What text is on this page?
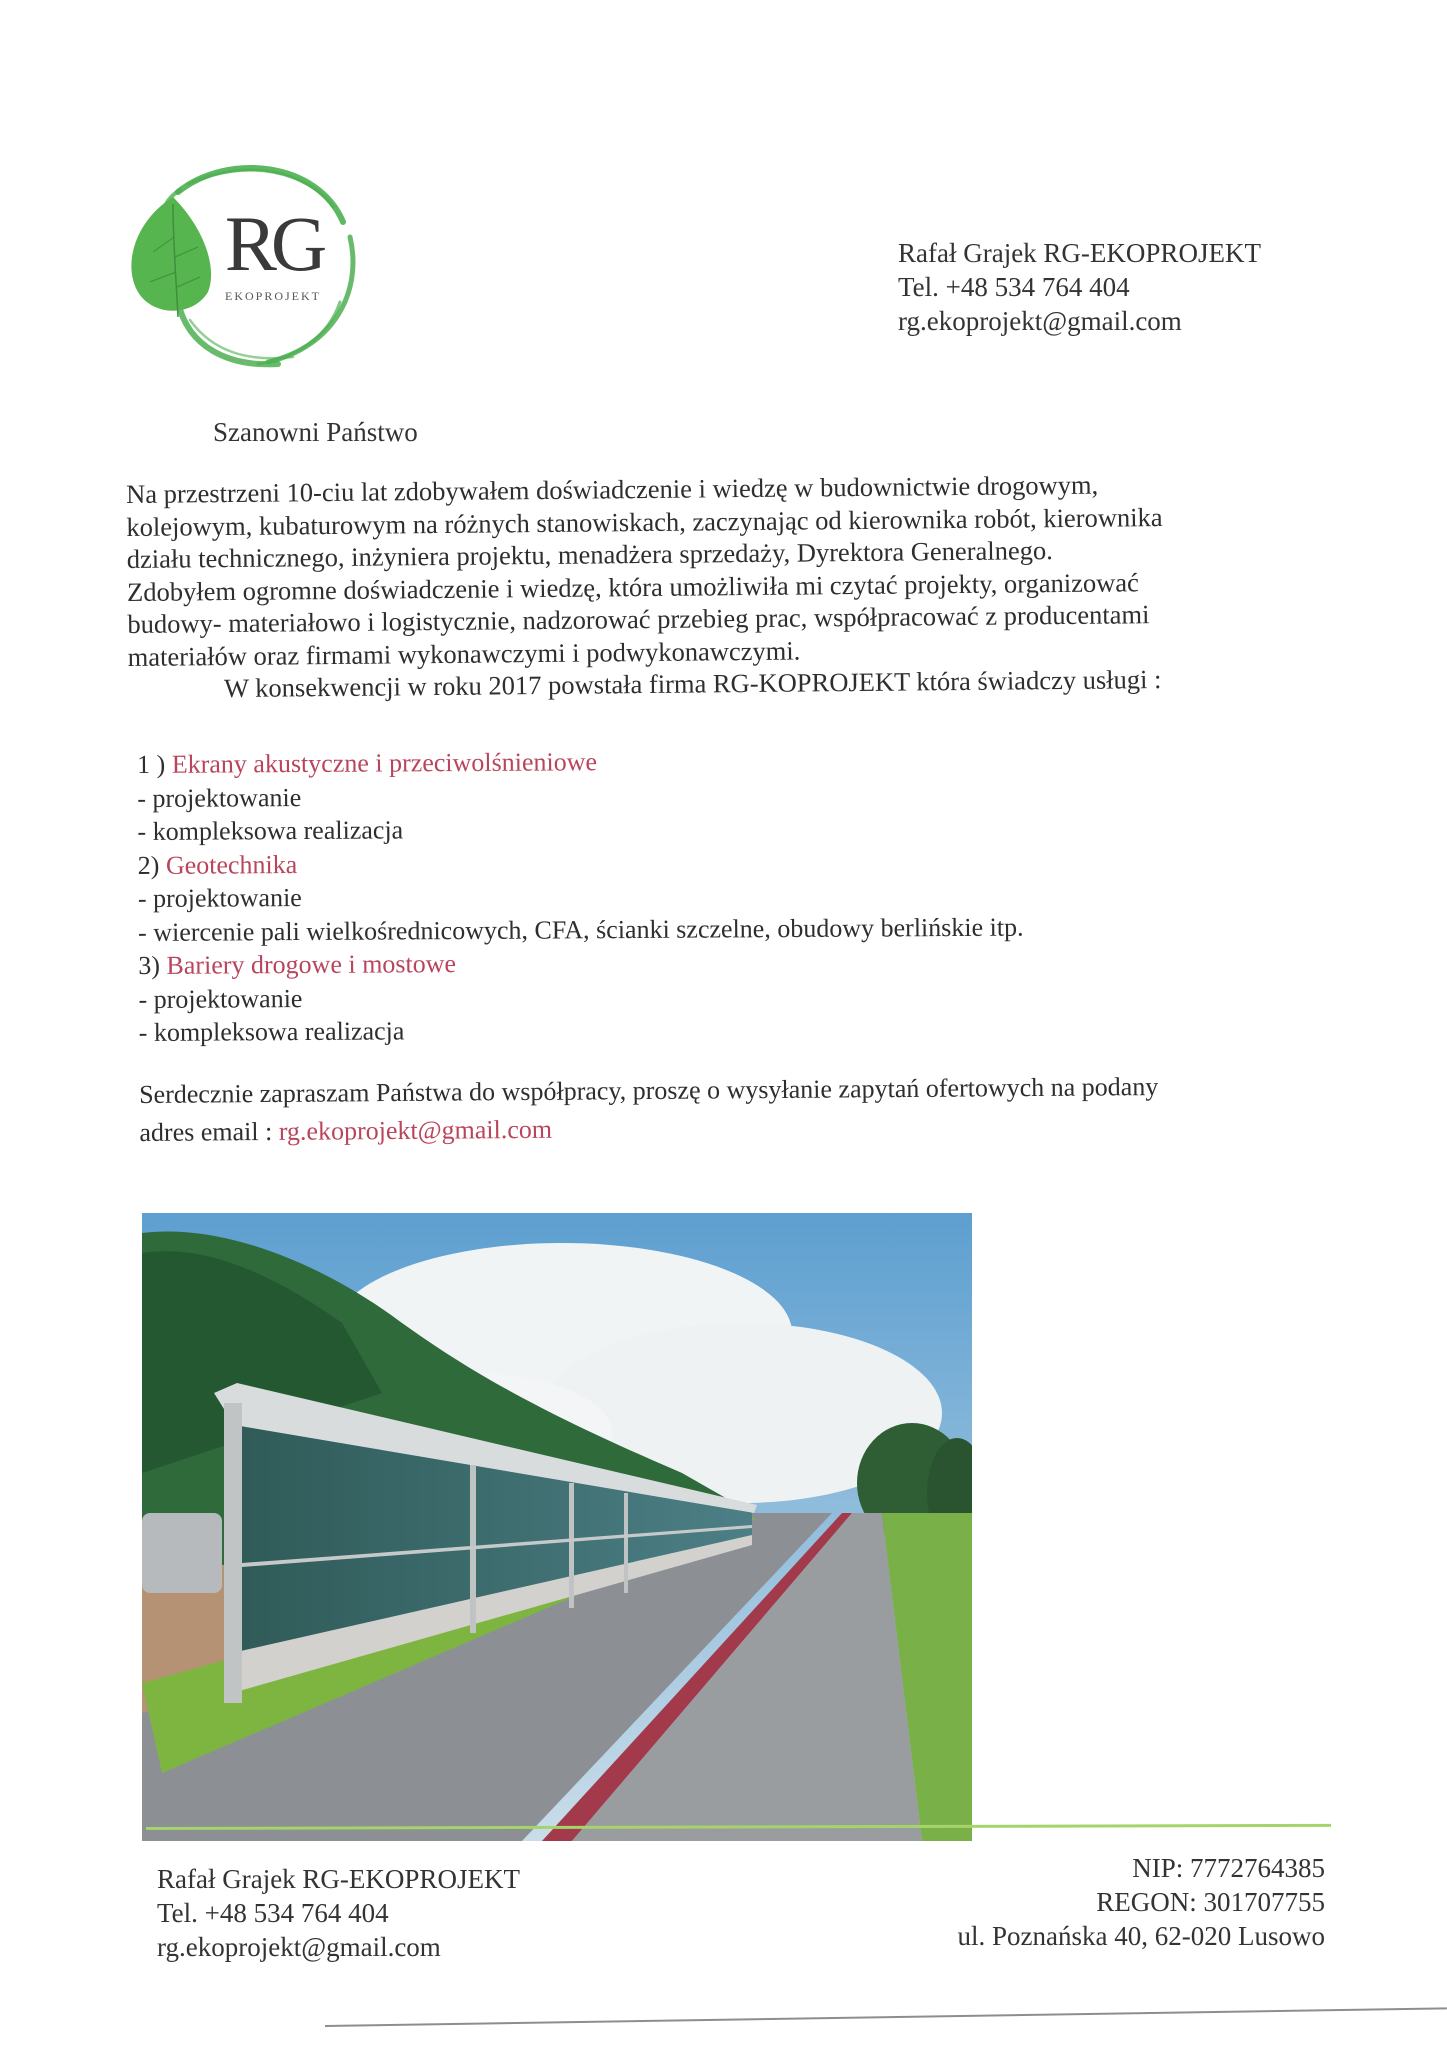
RG
EKOPROJEKT
Rafał Grajek RG-EKOPROJEKT
Tel. +48 534 764 404
rg.ekoprojekt@gmail.com
Szanowni Państwo

Na przestrzeni 10-ciu lat zdobywałem doświadczenie i wiedzę w budownictwie drogowym,

kolejowym, kubaturowym na różnych stanowiskach, zaczynając od kierownika robót, kierownika

działu technicznego, inżyniera projektu, menadżera sprzedaży, Dyrektora Generalnego.

Zdobyłem ogromne doświadczenie i wiedzę, która umożliwiła mi czytać projekty, organizować

budowy- materiałowo i logistycznie, nadzorować przebieg prac, współpracować z producentami

materiałów oraz firmami wykonawczymi i podwykonawczymi.

W konsekwencji w roku 2017 powstała firma RG-KOPROJEKT która świadczy usługi :

1 ) Ekrany akustyczne i przeciwolśnieniowe
- projektowanie
- kompleksowa realizacja
2) Geotechnika
- projektowanie
- wiercenie pali wielkośrednicowych, CFA, ścianki szczelne, obudowy berlińskie itp.
3) Bariery drogowe i mostowe
- projektowanie
- kompleksowa realizacja
Serdecznie zapraszam Państwa do współpracy, proszę o wysyłanie zapytań ofertowych na podany
adres email : rg.ekoprojekt@gmail.com
Rafał Grajek RG-EKOPROJEKT
Tel. +48 534 764 404
rg.ekoprojekt@gmail.com
NIP: 7772764385
REGON: 301707755
ul. Poznańska 40, 62-020 Lusowo
